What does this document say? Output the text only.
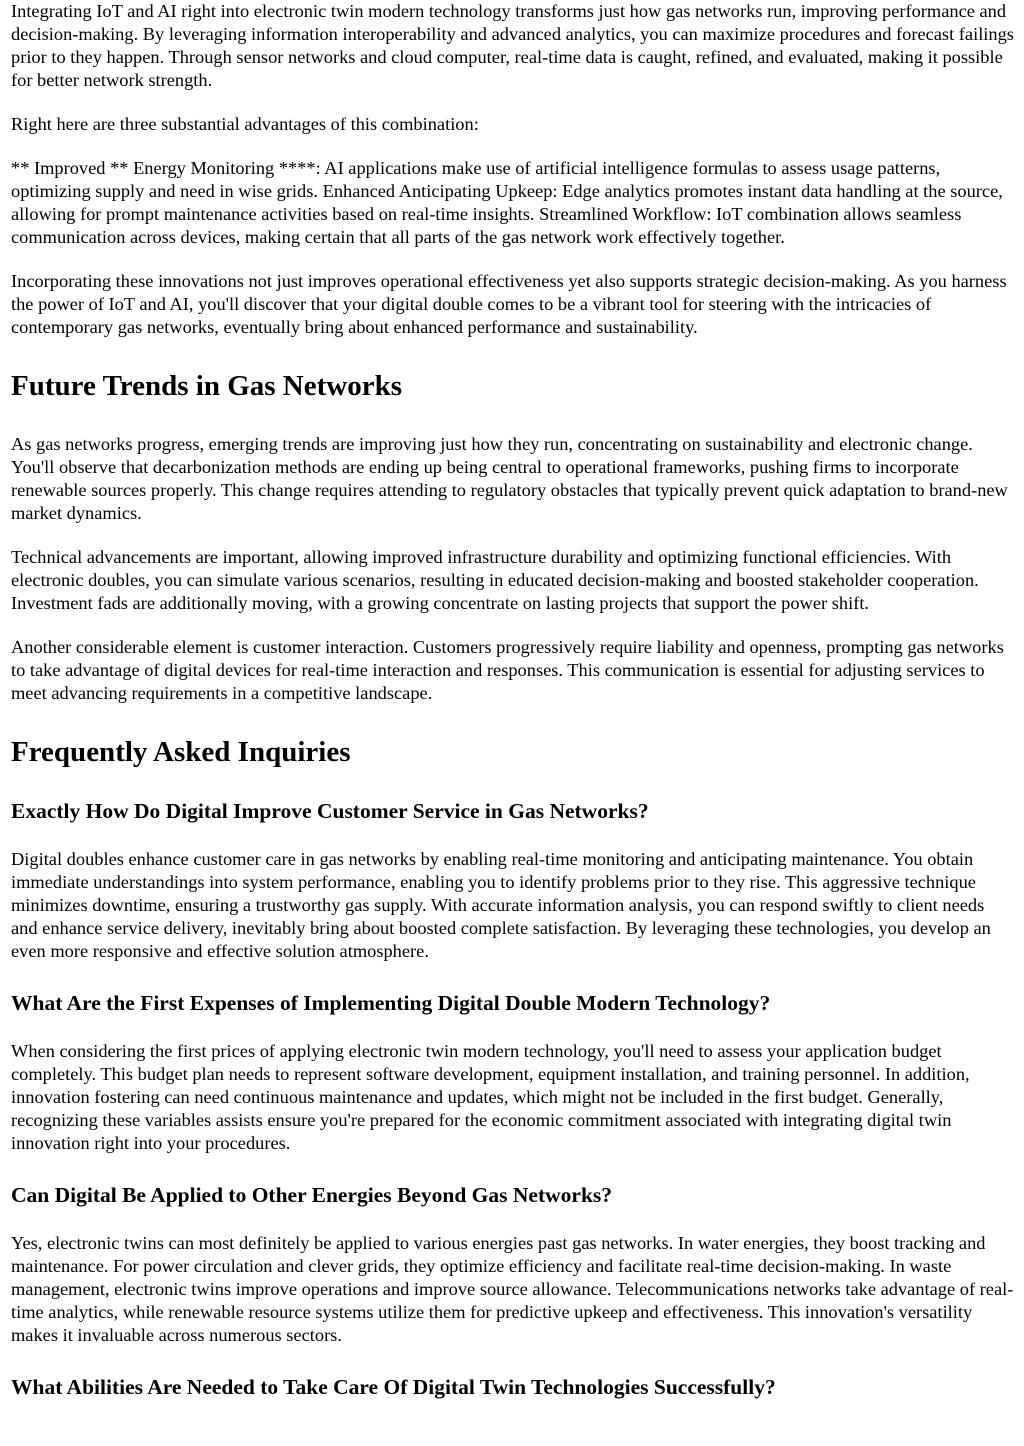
Integrating IoT and AI right into electronic twin modern technology transforms just how gas networks run, improving performance and decision-making. By leveraging information interoperability and advanced analytics, you can maximize procedures and forecast failings prior to they happen. Through sensor networks and cloud computer, real-time data is caught, refined, and evaluated, making it possible for better network strength.

Right here are three substantial advantages of this combination:

** Improved ** Energy Monitoring ****: AI applications make use of artificial intelligence formulas to assess usage patterns, optimizing supply and need in wise grids. Enhanced Anticipating Upkeep: Edge analytics promotes instant data handling at the source, allowing for prompt maintenance activities based on real-time insights. Streamlined Workflow: IoT combination allows seamless communication across devices, making certain that all parts of the gas network work effectively together.

Incorporating these innovations not just improves operational effectiveness yet also supports strategic decision-making. As you harness the power of IoT and AI, you'll discover that your digital double comes to be a vibrant tool for steering with the intricacies of contemporary gas networks, eventually bring about enhanced performance and sustainability.

Future Trends in Gas Networks

As gas networks progress, emerging trends are improving just how they run, concentrating on sustainability and electronic change. You'll observe that decarbonization methods are ending up being central to operational frameworks, pushing firms to incorporate renewable sources properly. This change requires attending to regulatory obstacles that typically prevent quick adaptation to brand-new market dynamics.

Technical advancements are important, allowing improved infrastructure durability and optimizing functional efficiencies. With electronic doubles, you can simulate various scenarios, resulting in educated decision-making and boosted stakeholder cooperation. Investment fads are additionally moving, with a growing concentrate on lasting projects that support the power shift.

Another considerable element is customer interaction. Customers progressively require liability and openness, prompting gas networks to take advantage of digital devices for real-time interaction and responses. This communication is essential for adjusting services to meet advancing requirements in a competitive landscape.

Frequently Asked Inquiries
Exactly How Do Digital Improve Customer Service in Gas Networks?

Digital doubles enhance customer care in gas networks by enabling real-time monitoring and anticipating maintenance. You obtain immediate understandings into system performance, enabling you to identify problems prior to they rise. This aggressive technique minimizes downtime, ensuring a trustworthy gas supply. With accurate information analysis, you can respond swiftly to client needs and enhance service delivery, inevitably bring about boosted complete satisfaction. By leveraging these technologies, you develop an even more responsive and effective solution atmosphere.

What Are the First Expenses of Implementing Digital Double Modern Technology?

When considering the first prices of applying electronic twin modern technology, you'll need to assess your application budget completely. This budget plan needs to represent software development, equipment installation, and training personnel. In addition, innovation fostering can need continuous maintenance and updates, which might not be included in the first budget. Generally, recognizing these variables assists ensure you're prepared for the economic commitment associated with integrating digital twin innovation right into your procedures.

Can Digital Be Applied to Other Energies Beyond Gas Networks?

Yes, electronic twins can most definitely be applied to various energies past gas networks. In water energies, they boost tracking and maintenance. For power circulation and clever grids, they optimize efficiency and facilitate real-time decision-making. In waste management, electronic twins improve operations and improve source allowance. Telecommunications networks take advantage of real-time analytics, while renewable resource systems utilize them for predictive upkeep and effectiveness. This innovation's versatility makes it invaluable across numerous sectors.

What Abilities Are Needed to Take Care Of Digital Twin Technologies Successfully?
